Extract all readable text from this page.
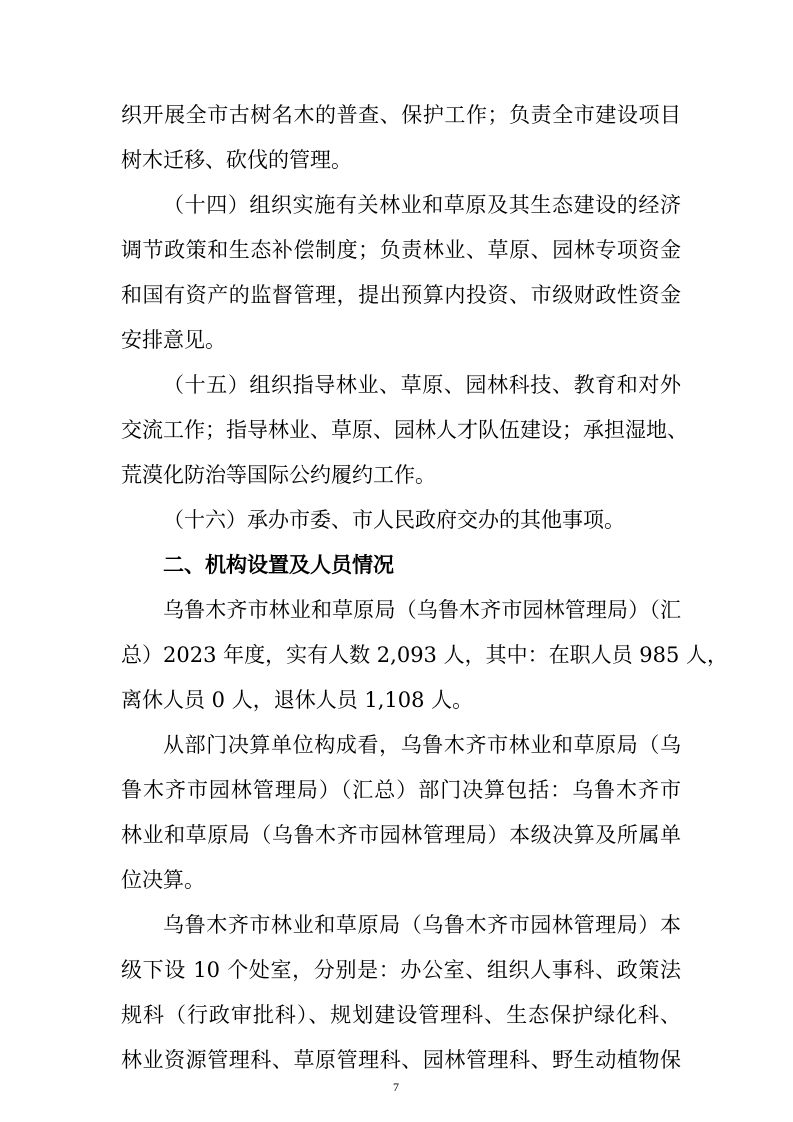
织开展全市古树名木的普查、保护工作；负责全市建设项目

树木迁移、砍伐的管理。

（十四）组织实施有关林业和草原及其生态建设的经济

调节政策和生态补偿制度；负责林业、草原、园林专项资金

和国有资产的监督管理，提出预算内投资、市级财政性资金

安排意见。

（十五）组织指导林业、草原、园林科技、教育和对外

交流工作；指导林业、草原、园林人才队伍建设；承担湿地、

荒漠化防治等国际公约履约工作。

（十六）承办市委、市人民政府交办的其他事项。

二、机构设置及人员情况

乌鲁木齐市林业和草原局（乌鲁木齐市园林管理局）（汇

总）2023 年度，实有人数 2,093 人，其中：在职人员 985 人，

离休人员 0 人，退休人员 1,108 人。

从部门决算单位构成看，乌鲁木齐市林业和草原局（乌

鲁木齐市园林管理局）（汇总）部门决算包括：乌鲁木齐市

林业和草原局（乌鲁木齐市园林管理局）本级决算及所属单

位决算。

乌鲁木齐市林业和草原局（乌鲁木齐市园林管理局）本

级下设 10 个处室，分别是：办公室、组织人事科、政策法

规科（行政审批科）、规划建设管理科、生态保护绿化科、

林业资源管理科、草原管理科、园林管理科、野生动植物保

7
